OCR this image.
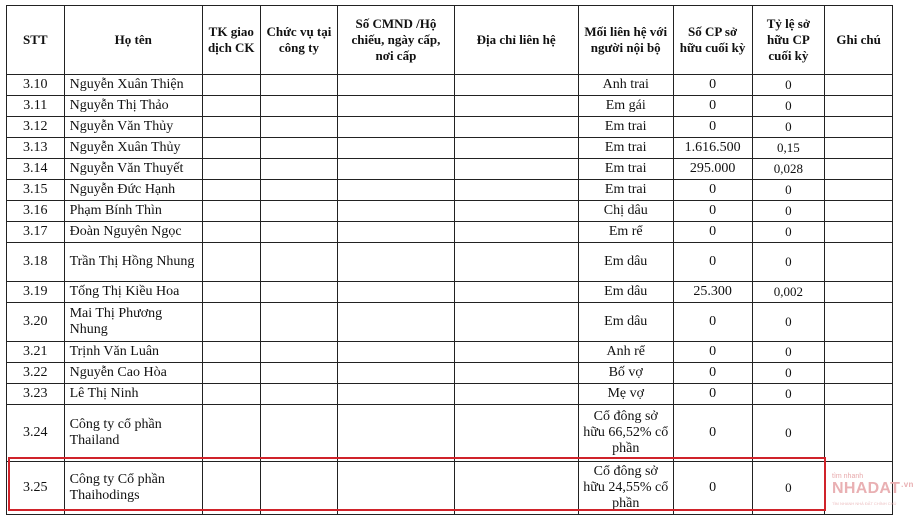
STT	Họ tên	TK giao dịch CK	Chức vụ tại công ty	Số CMND /Hộ chiếu, ngày cấp, nơi cấp	Địa chỉ liên hệ	Mối liên hệ với người nội bộ	Số CP sở hữu cuối kỳ	Tỷ lệ sở hữu CP cuối kỳ	Ghi chú
3.10	Nguyễn Xuân Thiện					Anh trai	0	0	
3.11	Nguyễn Thị Thảo					Em gái	0	0	
3.12	Nguyễn Văn Thủy					Em trai	0	0	
3.13	Nguyễn Xuân Thủy					Em trai	1.616.500	0,15	
3.14	Nguyễn Văn Thuyết					Em trai	295.000	0,028	
3.15	Nguyễn Đức Hạnh					Em trai	0	0	
3.16	Phạm Bính Thìn					Chị dâu	0	0	
3.17	Đoàn Nguyên Ngọc					Em rể	0	0	
3.18	Trần Thị Hồng Nhung					Em dâu	0	0	
3.19	Tống Thị Kiều Hoa					Em dâu	25.300	0,002	
3.20	Mai Thị Phương Nhung					Em dâu	0	0	
3.21	Trịnh Văn Luân					Anh rể	0	0	
3.22	Nguyễn Cao Hòa					Bố vợ	0	0	
3.23	Lê Thị Ninh					Mẹ vợ	0	0	
3.24	Công ty cổ phần Thailand					Cổ đông sở hữu 66,52% cổ phần	0	0	
3.25	Công ty Cổ phần Thaihodings					Cổ đông sở hữu 24,55% cổ phần	0	0	
tìm nhanh
$NHADAT^{.vn}$
TÌM NHANH NHÀ ĐẤT CHÍNH CHỦ
